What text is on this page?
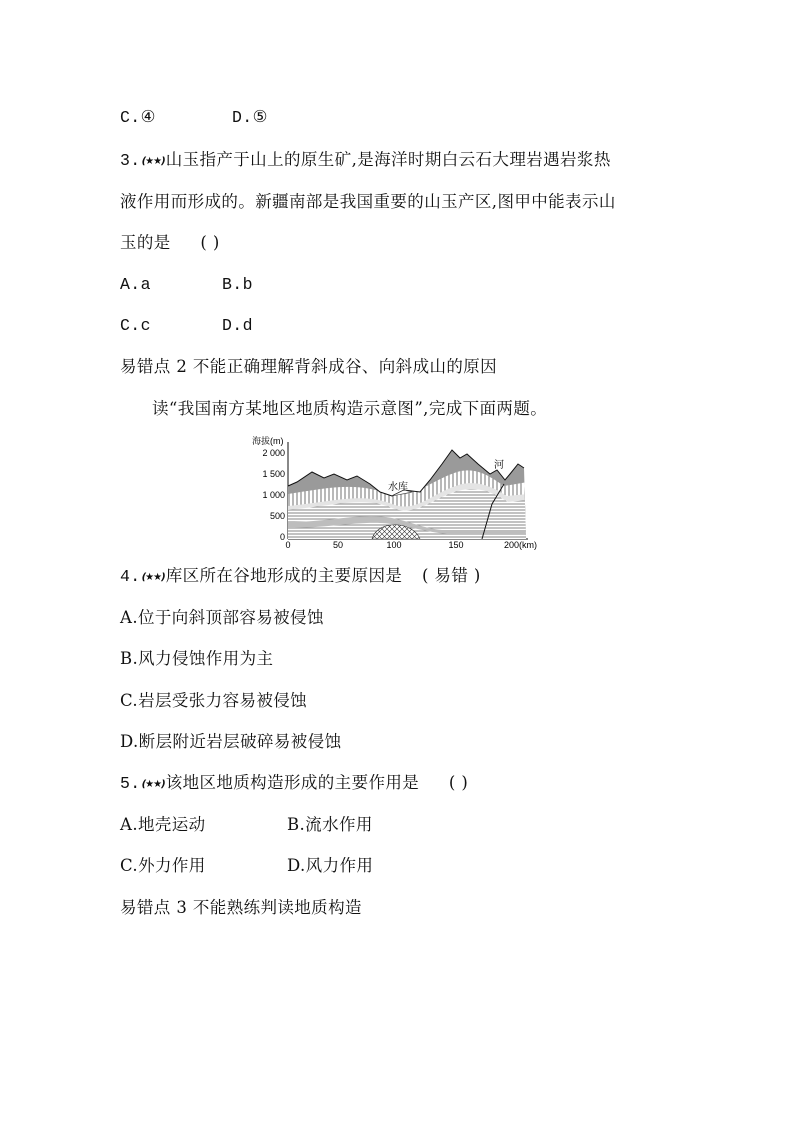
C.④	D.⑤
3.(★★)山玉指产于山上的原生矿,是海洋时期白云石大理岩遇岩浆热
液作用而形成的。新疆南部是我国重要的山玉产区,图甲中能表示山
玉的是 ( )
A.a	B.b
C.c	D.d
易错点 2 不能正确理解背斜成谷、向斜成山的原因
读“我国南方某地区地质构造示意图”,完成下面两题。
海拔(m)
2 000
1 500
1 000
500
0
0	50	100	150	200(km)
水库
河
4.(★★)库区所在谷地形成的主要原因是 ( 易错 )
A.位于向斜顶部容易被侵蚀
B.风力侵蚀作用为主
C.岩层受张力容易被侵蚀
D.断层附近岩层破碎易被侵蚀
5.(★★)该地区地质构造形成的主要作用是 ( )
A.地壳运动	B.流水作用
C.外力作用	D.风力作用
易错点 3 不能熟练判读地质构造
